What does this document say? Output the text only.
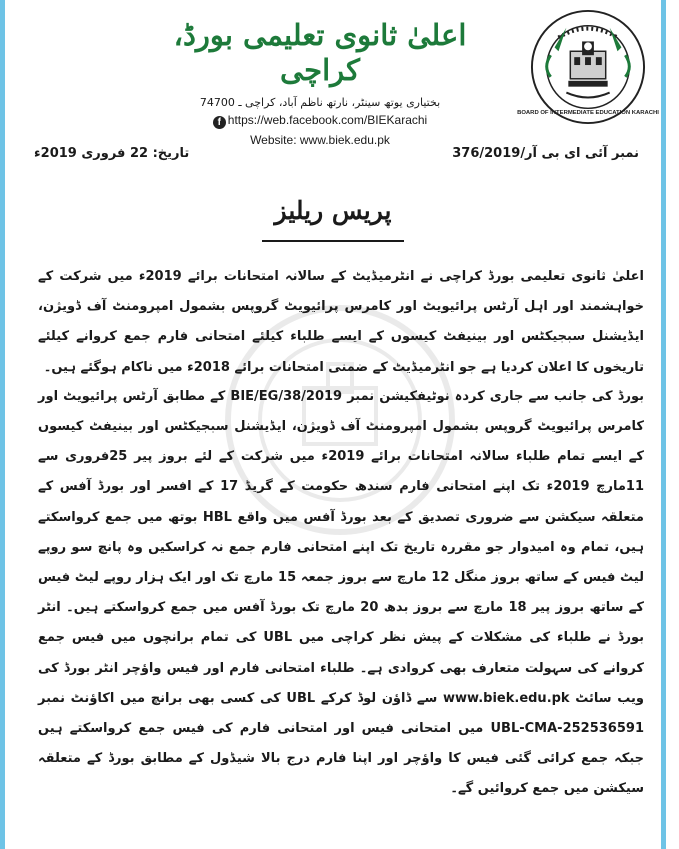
BOARD OF INTERMEDIATE EDUCATION KARACHI
اعلیٰ ثانوی تعلیمی بورڈ، کراچی
بختیاری یوتھ سینٹر، نارتھ ناظم آباد، کراچی ـ 74700
f https://web.facebook.com/BIEKarachi
Website: www.biek.edu.pk
نمبر آئی ای بی آر/376/2019
تاریخ: 22 فروری 2019ء
پریس ریلیز

اعلیٰ ثانوی تعلیمی بورڈ کراچی نے انٹرمیڈیٹ کے سالانہ امتحانات برائے 2019ء میں شرکت کے خواہشمند اور اہل آرٹس پرائیویٹ اور کامرس پرائیویٹ گروپس بشمول امپرومنٹ آف ڈویژن، ایڈیشنل سبجیکٹس اور بینیفٹ کیسوں کے ایسے طلباء کیلئے امتحانی فارم جمع کروانے کیلئے تاریخوں کا اعلان کردیا ہے جو انٹرمیڈیٹ کے ضمنی امتحانات برائے 2018ء میں ناکام ہوگئے ہیں۔

بورڈ کی جانب سے جاری کردہ نوٹیفکیشن نمبر BIE/EG/38/2019 کے مطابق آرٹس پرائیویٹ اور کامرس پرائیویٹ گروپس بشمول امپرومنٹ آف ڈویژن، ایڈیشنل سبجیکٹس اور بینیفٹ کیسوں کے ایسے تمام طلباء سالانہ امتحانات برائے 2019ء میں شرکت کے لئے بروز پیر 25فروری سے 11مارچ 2019ء تک اپنے امتحانی فارم سندھ حکومت کے گریڈ 17 کے افسر اور بورڈ آفس کے متعلقہ سیکشن سے ضروری تصدیق کے بعد بورڈ آفس میں واقع HBL بوتھ میں جمع کرواسکتے ہیں، تمام وہ امیدوار جو مقررہ تاریخ تک اپنے امتحانی فارم جمع نہ کراسکیں وہ پانچ سو روپے لیٹ فیس کے ساتھ بروز منگل 12 مارچ سے بروز جمعہ 15 مارچ تک اور ایک ہزار روپے لیٹ فیس کے ساتھ بروز پیر 18 مارچ سے بروز بدھ 20 مارچ تک بورڈ آفس میں جمع کرواسکتے ہیں۔ انٹر بورڈ نے طلباء کی مشکلات کے پیش نظر کراچی میں UBL کی تمام برانچوں میں فیس جمع کروانے کی سہولت متعارف بھی کروادی ہے۔ طلباء امتحانی فارم اور فیس واؤچر انٹر بورڈ کی ویب سائٹ www.biek.edu.pk سے ڈاؤن لوڈ کرکے UBL کی کسی بھی برانچ میں اکاؤنٹ نمبر UBL-CMA-252536591 میں امتحانی فیس اور امتحانی فارم کی فیس جمع کرواسکتے ہیں جبکہ جمع کرائی گئی فیس کا واؤچر اور اپنا فارم درج بالا شیڈول کے مطابق بورڈ کے متعلقہ سیکشن میں جمع کروائیں گے۔
